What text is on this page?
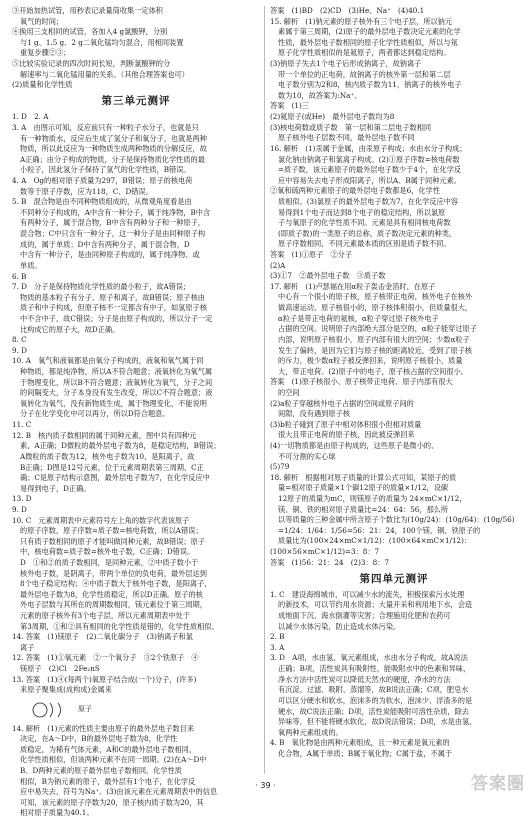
③开始加热试管，用秒表记录量筒收集一定体积

氧气的时间；

④换用三支相同的试管，各加入4 g氯酸钾，分别

与1 g、1.5 g、2 g二氧化锰均匀混合，用相同装置

重复步骤②③；

⑤比较实验记录的四次时间长短，判断氯酸钾的分

解速率与二氧化锰用量的关系。（其他合理答案也可）

(2)质量和化学性质

第三单元测评

1. D　2. A

3. A　由图示可知，反应前只有一种粒子水分子，也就是只

有一种物质水，反应后生成了氢分子和氧分子，也就是两种

物质，所以此反应为一种物质生成两种物质的分解反应，故

A正确；由分子构成的物质，分子是保持物质化学性质的最

小粒子，因此氢分子保持了氢气的化学性质，B错误。

4. A　Og的相对原子质量为297，B错误；原子的核电荷

数等于原子序数，应为118，C、D错误。

5. B　混合物是由不同种物质组成的，从微观角度看是由

不同种分子构成的，A中含有一种分子，属于纯净物，B中含

有两种分子，属于混合物，B中含有两种分子和一种原子，

混合物；C中只含有一种分子，这一种分子是由同种原子构

成的，属于单质；D中含有两种分子，属于混合物，D

中含有一种分子，是由同种原子构成的，属于纯净物、或

单质。

6. B

7. D　分子是保持物质化学性质的最小粒子，故A错误；

物质的基本粒子有分子、原子和离子，故B错误；原子核由

质子和中子构成，但原子核不一定都含有中子，如氢原子核

中不含中子，故C错误；分子是由原子构成的，所以分子一定

比构成它的原子大，故D正确。

8. C

9. D

10. A　氧气和液氧都是由氧分子构成的，液氧和氧气属于同

种物质，都是纯净物，所以A不符合题意；液氧转化为氧气属

于物理变化，所以B不符合题意；液氧转化为氧气，分子之间

的间隔变大，分子本身没有发生改变，所以C不符合题意；液

氧转化为氧气，没有新物质生成，属于物理变化，不能说明

分子在化学变化中可以再分，所以D符合题意。

11. C

12. B　核内质子数相同的属于同种元素，图中共有四种元

素，A正确；D微粒的最外层电子数为8，是稳定结构，B错误；

A微粒的质子数为12，核外电子数为10，是阳离子，故

B正确；D图是12号元素，位于元素周期表第三周期，C正

确；C是原子结构示意图，最外层电子数为7，在化学反应中

易得到电子，D正确。

13. D

9. D

10. C　元素周期表中元素符号左上角的数字代表该原子

的原子序数，原子序数=质子数=核电荷数，所以A错误；

只有质子数相同的原子才能叫做同种元素，故B错误；原子

中，核电荷数=质子数=核外电子数，C正确；D错误。

D　①和②的质子数相同，是同种元素，②中质子数小于

核外电子数，是阴离子，带两个单位的负电荷，最外层达到

8个电子稳定结构；④中质子数大于核外电子数，是阳离子，

最外层电子数为8，化学性质稳定，所以D正确。原子的核

外电子层数与其所在的周期数相同，镁元素位于第三周期，

元素的原子核外有3个电子层，所以元素周期表中处于

第3周期，①和②具有相同的化学性质是错的，化学性质相似。

14. 答案　(1)镁原子　(2)二氧化碳分子　(3)钠离子和氯

离子

12. 答案　(1)①氧元素　②一个氧分子　③2个铁原子　④

镁原子　(2)Cl　2Fe₂nS

13. 答案　(1)④(每两个)氧原子结合成(一个)分子，(许多)

来原子聚集成(成构成)金属来

原子

14. 解析　(1)元素的性质主要由原子的最外层电子数目来

决定，在A～D中，B的最外层电子数为8，化学性

质稳定，为稀有气体元素，A和C的最外层电子数相同，

化学性质相似，但该两种元素不在同一周期。(2)在A～D中

B、D两种元素的原子最外层电子数相同，化学性质

相似，B为钠元素的原子，最外层有1个电子，在化学反

应中易失去，符号为Na⁺。(3)由该元素在元素周期表中的信息

可知，该元素的原子序数为20，原子核内质子数为20，其

相对原子质量为40.1。

答案　(1)BD　(2)CD　(3)He、Na⁺　(4)40.1

15. 解析　(1)钠元素的原子核外有三个电子层，所以钠元

素属于第三周期，(2)原子的最外层电子数决定元素的化学

性质，最外层电子数相同的原子化学性质相似，所以与氖

原子化学性质相似的是氦原子，两者都达到稳定结构。

(3)钠原子失去1个电子后形成钠离子，故钠离子

带一个单位的正电荷，故钠离子的核外第一层和第二层

电子数分别为2和8，核内质子数为11，钠离子的核外电子

数为10，故答案为:Na⁺。

答案　(1)三

(2)氦原子(或He)　最外层电子数均为8

(3)核电荷数或质子数　第一层和第二层电子数相同

原子核外电子层数不同，最外层电子数不同

16. 解析　(1)汞属于金属，由汞原子构成；水由水分子构成；

氯化钠由钠离子和氯离子构成。(2)①原子序数=核电荷数

=质子数，该元素原子的最外层电子数少于4个，在化学反

应中容易失去电子形成阳离子，所以A、B属于同种元素。

②氧和硫两种元素原子的最外层电子数都是6，化学性

质相似。(3)氯原子的最外层电子数为7，在化学反应中容

易得到1个电子而达到8个电子的稳定结构，所以氯原

子与氧原子的化学性质不同。元素是具有相同核电荷数

(即质子数)的一类原子的总称，质子数决定元素的种类，

原子序数相同，不同元素最本质的区别是质子数不同。

答案　(1)①原子　②分子

(2)A

(3)①7　②最外层电子数　③质子数

17. 解析　(1)卢瑟福在用α粒子轰击金箔时，在原子

中心有一个很小的原子核，原子核带正电荷，核外电子在核外

做高速运动，原子核很小的，原子核体积很小，但质量很大，

α粒子是带正电荷的氦核，α粒子穿过原子核外电子

占据的空间。说明原子内部绝大部分是空的，α粒子能穿过原子

内部，说明原子核很小，原子内部有很大的空间；少数α粒子

发生了偏转，是因为它们与原子核的距离较近，受到了原子核

的斥力，极少数α粒子被反弹回来，说明原子核很小，质量

大，带正电荷。(2)原子中的电子，原子核占据的空间很小。

答案　(1)原子核很小、原子核带正电荷、原子内部有很大

的空间

(2)a粒子穿越核外电子占据的空间或原子间的

间隙，没有遇到原子核

(3)b粒子碰到了原子中相对体积很小但相对质量

很大且带正电荷的原子核，因此被反弹回来

(4)一切物质都是由原子构成的，这些原子是微小的、

不可分割的实心球

(5)79

18. 解析　根据相对原子质量的计算公式可知，某原子的质

量=相对原子质量×1个碳12原子的质量×1/12，设碳

12原子的质量为mC，则镁原子的质量为 24×mC×1/12，

镁、铜、铁的相对原子质量比=24：64：56，那么所

以等质量的三种金属中所含原子个数比为(10g/24)：(10g/64)：(10g/56)

=1/24：1/64：1/56=56：21：24，100个镁、铜、铁原子的

质量比为(100×24×mC×1/12)：(100×64×mC×1/12)：

(100×56×mC×1/12)=3：8：7

答案　(1)56：21：24　(2)3：8：7

第四单元测评

1. C　建设海绵城市，可以减少水的流失，积极探索污水处理

的新技术，可以节约用水资源；大量开采和利用地下水，会造

成地面下沉、海水倒灌等灾害；合理施用化肥和农药可

以减少水体污染，防止造成水体污染。

2. B

3. A

3. D　A项，水由氢、氧元素组成，水由水分子构成，故A说法

正确；B项，活性炭具有吸附性，能吸附水中的色素和异味，

净水方法中活性炭可以降低天然水的硬度，净水的方法

有沉淀、过滤、吸附、蒸馏等，故B说法正确；C项，肥皂水

可以区分硬水和软水，泡沫多的为软水，泡沫少、浮渣多的是

硬水，故C说法正确；D项，活性炭能吸附可溶性杂质，除去

异味等，但不能将硬水软化，故D说法错误；D项，水是由氢、

氧两种元素组成的。

4. B　氧化物是由两种元素组成，且一种元素是氧元素的

化合物，A属于单质；B属于氧化物；C属于盐，不属于

· 39 ·	答案圈
